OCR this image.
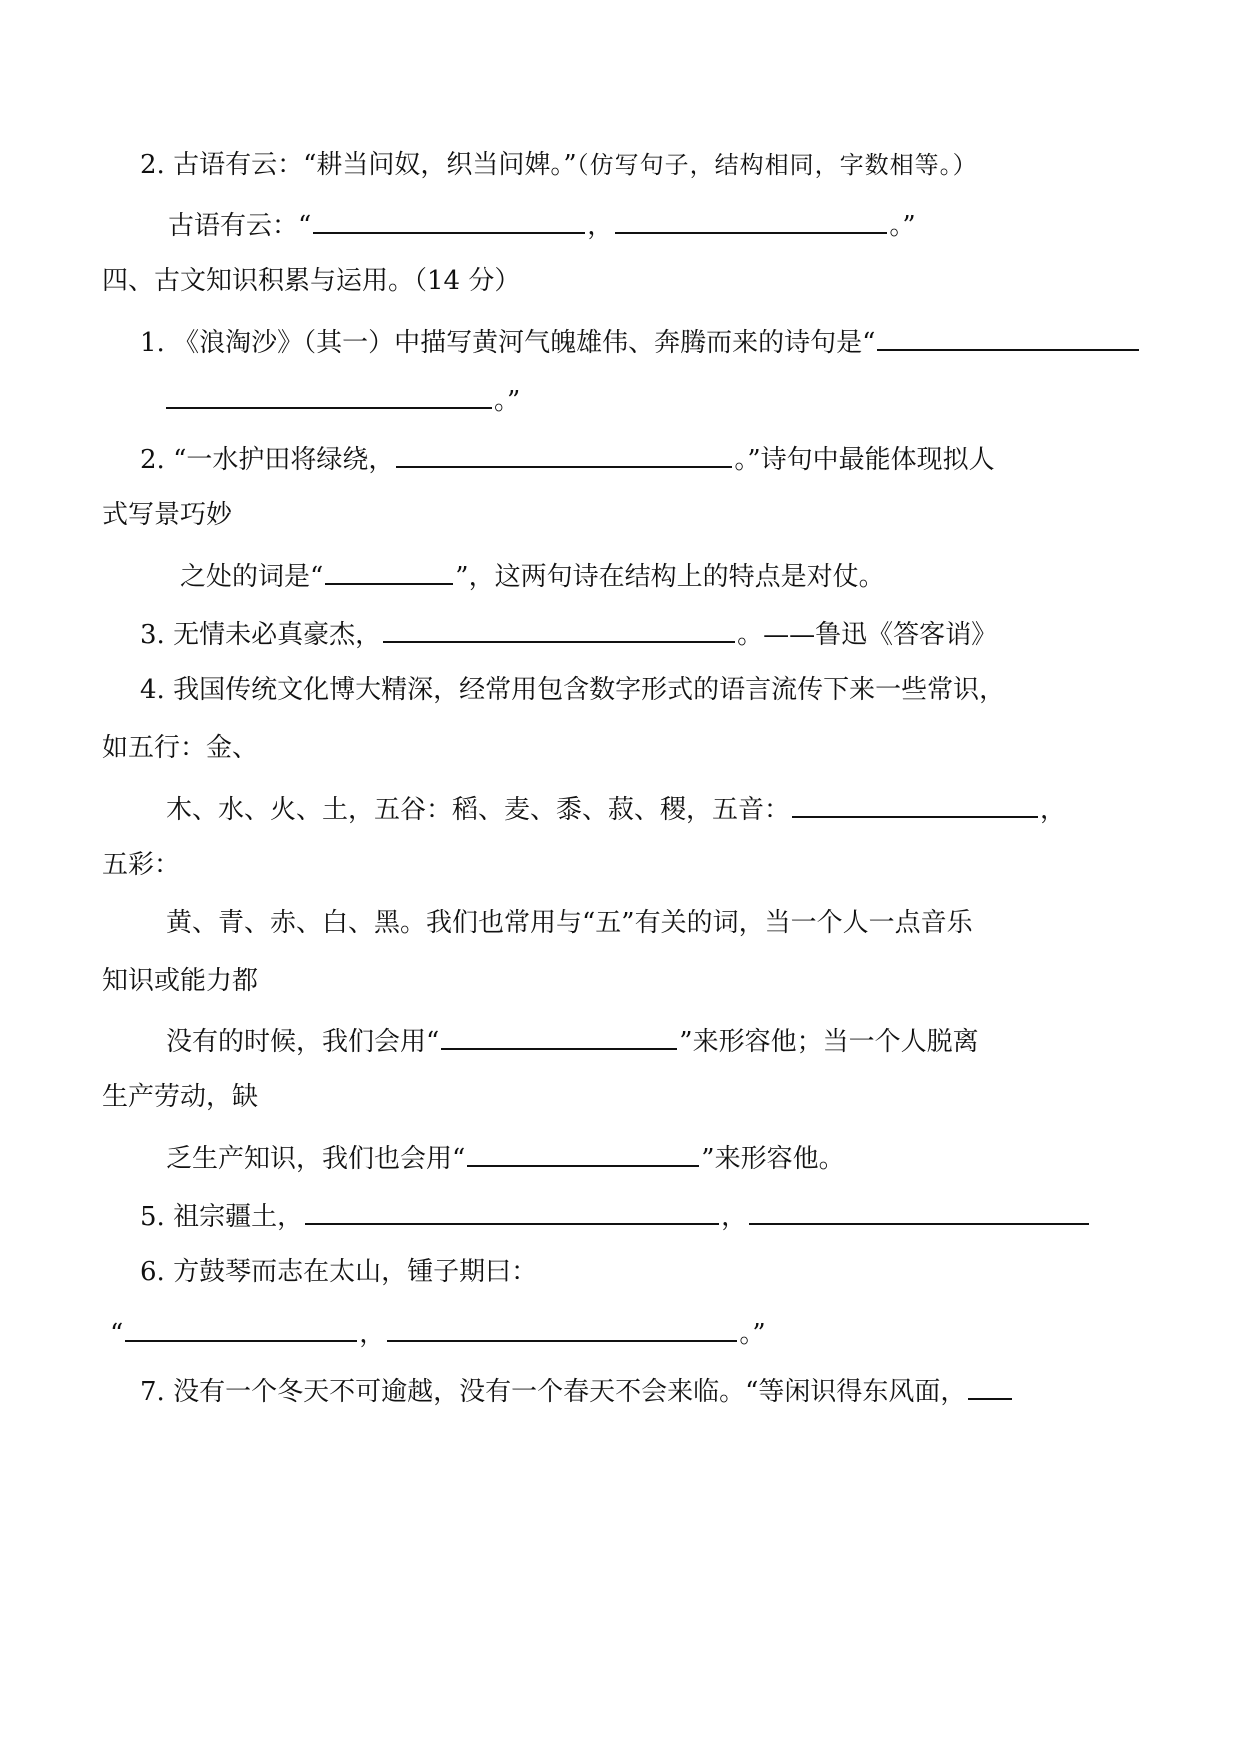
2. 古语有云：“耕当问奴，织当问婢。”（仿写句子，结构相同，字数相等。）
古语有云：“	，	。”
四、古文知识积累与运用。（14 分）
1. 《浪淘沙》（其一）中描写黄河气魄雄伟、奔腾而来的诗句是“
。”
2. “一水护田将绿绕，	。”诗句中最能体现拟人
式写景巧妙
之处的词是“	”，这两句诗在结构上的特点是对仗。
3. 无情未必真豪杰，	。——鲁迅《答客诮》
4. 我国传统文化博大精深，经常用包含数字形式的语言流传下来一些常识，
如五行：金、
木、水、火、土，五谷：稻、麦、黍、菽、稷，五音：	，
五彩：
黄、青、赤、白、黑。我们也常用与“五”有关的词，当一个人一点音乐
知识或能力都
没有的时候，我们会用“	”来形容他；当一个人脱离
生产劳动，缺
乏生产知识，我们也会用“	”来形容他。
5. 祖宗疆土，	，
6. 方鼓琴而志在太山，锺子期曰：
“	，	。”
7. 没有一个冬天不可逾越，没有一个春天不会来临。“等闲识得东风面，
